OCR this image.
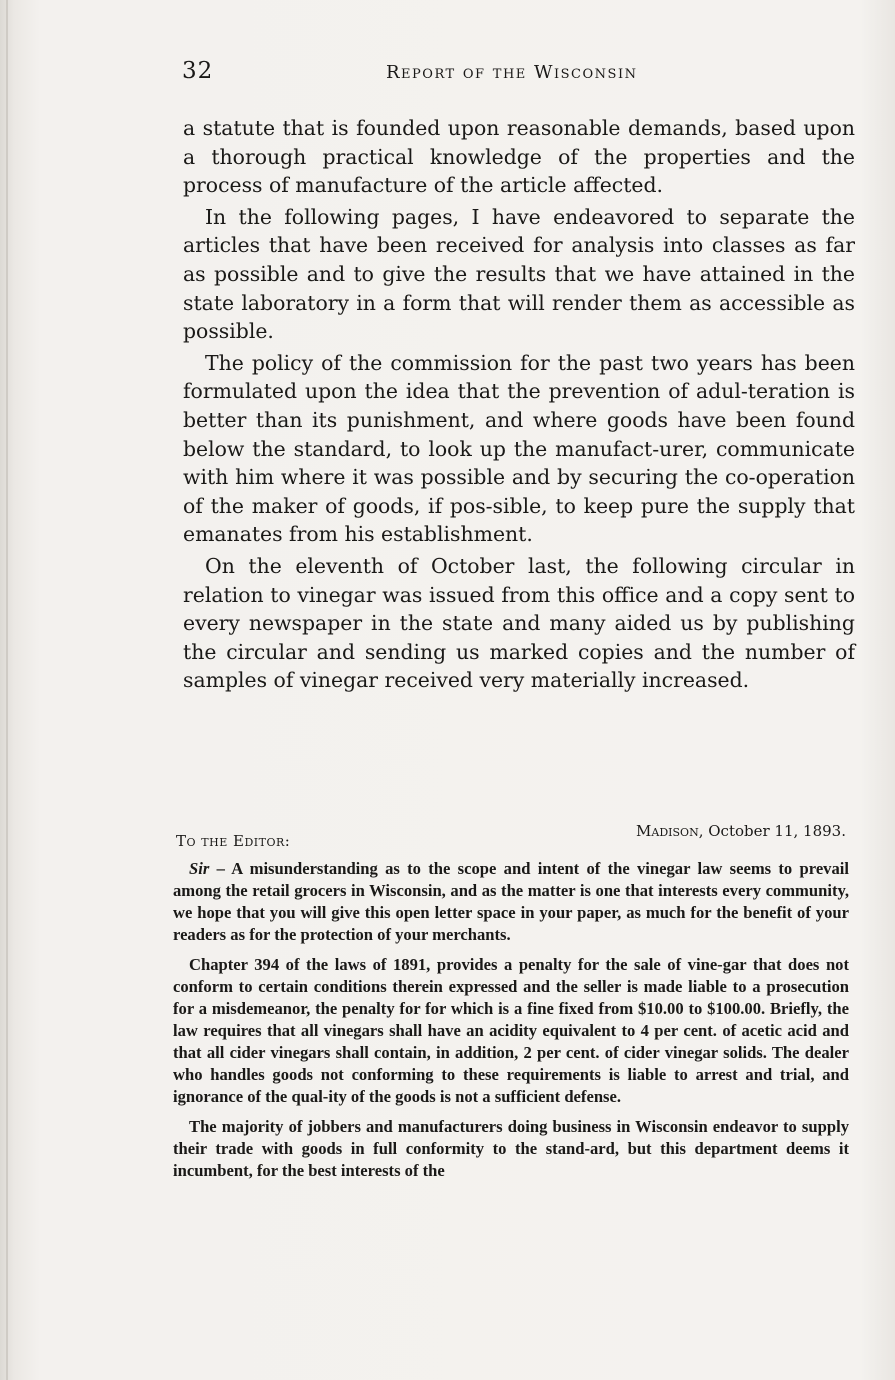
32	Report of the Wisconsin

a statute that is founded upon reasonable demands, based upon a thorough practical knowledge of the properties and the process of manufacture of the article affected.

In the following pages, I have endeavored to separate the articles that have been received for analysis into classes as far as possible and to give the results that we have attained in the state laboratory in a form that will render them as accessible as possible.

The policy of the commission for the past two years has been formulated upon the idea that the prevention of adul-teration is better than its punishment, and where goods have been found below the standard, to look up the manufact-urer, communicate with him where it was possible and by securing the co-operation of the maker of goods, if pos-sible, to keep pure the supply that emanates from his establishment.

On the eleventh of October last, the following circular in relation to vinegar was issued from this office and a copy sent to every newspaper in the state and many aided us by publishing the circular and sending us marked copies and the number of samples of vinegar received very materially increased.

To the Editor:
Madison, October 11, 1893.

Sir – A misunderstanding as to the scope and intent of the vinegar law seems to prevail among the retail grocers in Wisconsin, and as the matter is one that interests every community, we hope that you will give this open letter space in your paper, as much for the benefit of your readers as for the protection of your merchants.

Chapter 394 of the laws of 1891, provides a penalty for the sale of vine-gar that does not conform to certain conditions therein expressed and the seller is made liable to a prosecution for a misdemeanor, the penalty for for which is a fine fixed from $10.00 to $100.00. Briefly, the law requires that all vinegars shall have an acidity equivalent to 4 per cent. of acetic acid and that all cider vinegars shall contain, in addition, 2 per cent. of cider vinegar solids. The dealer who handles goods not conforming to these requirements is liable to arrest and trial, and ignorance of the qual-ity of the goods is not a sufficient defense.

The majority of jobbers and manufacturers doing business in Wisconsin endeavor to supply their trade with goods in full conformity to the stand-ard, but this department deems it incumbent, for the best interests of the
